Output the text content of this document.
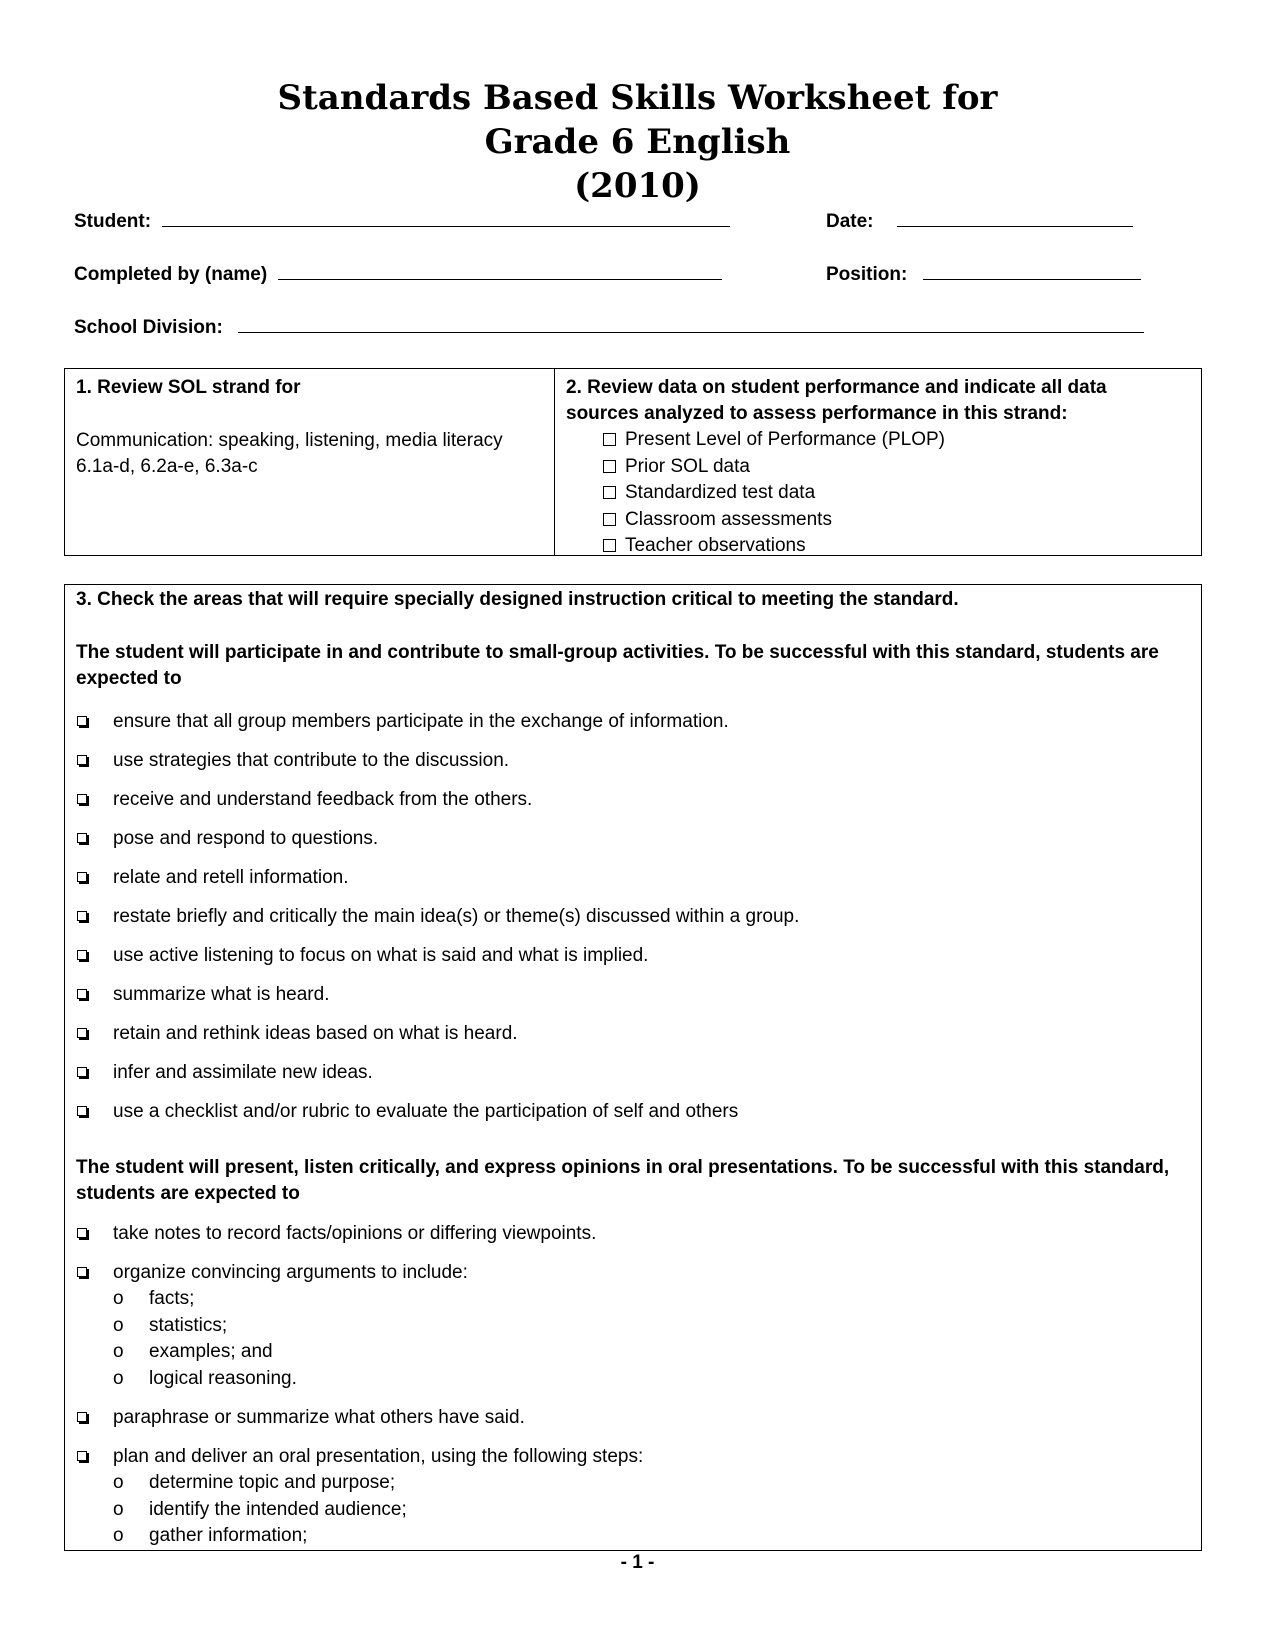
Standards Based Skills Worksheet for
Grade 6 English
(2010)
Student:	Date:
Completed by (name)	Position:
School Division:
1. Review SOL strand for
Communication: speaking, listening, media literacy
6.1a-d, 6.2a-e, 6.3a-c
2. Review data on student performance and indicate all data
sources analyzed to assess performance in this strand:
Present Level of Performance (PLOP)
Prior SOL data
Standardized test data
Classroom assessments
Teacher observations
3. Check the areas that will require specially designed instruction critical to meeting the standard.
The student will participate in and contribute to small-group activities. To be successful with this standard, students are
expected to
ensure that all group members participate in the exchange of information.
use strategies that contribute to the discussion.
receive and understand feedback from the others.
pose and respond to questions.
relate and retell information.
restate briefly and critically the main idea(s) or theme(s) discussed within a group.
use active listening to focus on what is said and what is implied.
summarize what is heard.
retain and rethink ideas based on what is heard.
infer and assimilate new ideas.
use a checklist and/or rubric to evaluate the participation of self and others
The student will present, listen critically, and express opinions in oral presentations. To be successful with this standard,
students are expected to
take notes to record facts/opinions or differing viewpoints.
organize convincing arguments to include:
o facts;
o statistics;
o examples; and
o logical reasoning.
paraphrase or summarize what others have said.
plan and deliver an oral presentation, using the following steps:
o determine topic and purpose;
o identify the intended audience;
o gather information;
- 1 -
